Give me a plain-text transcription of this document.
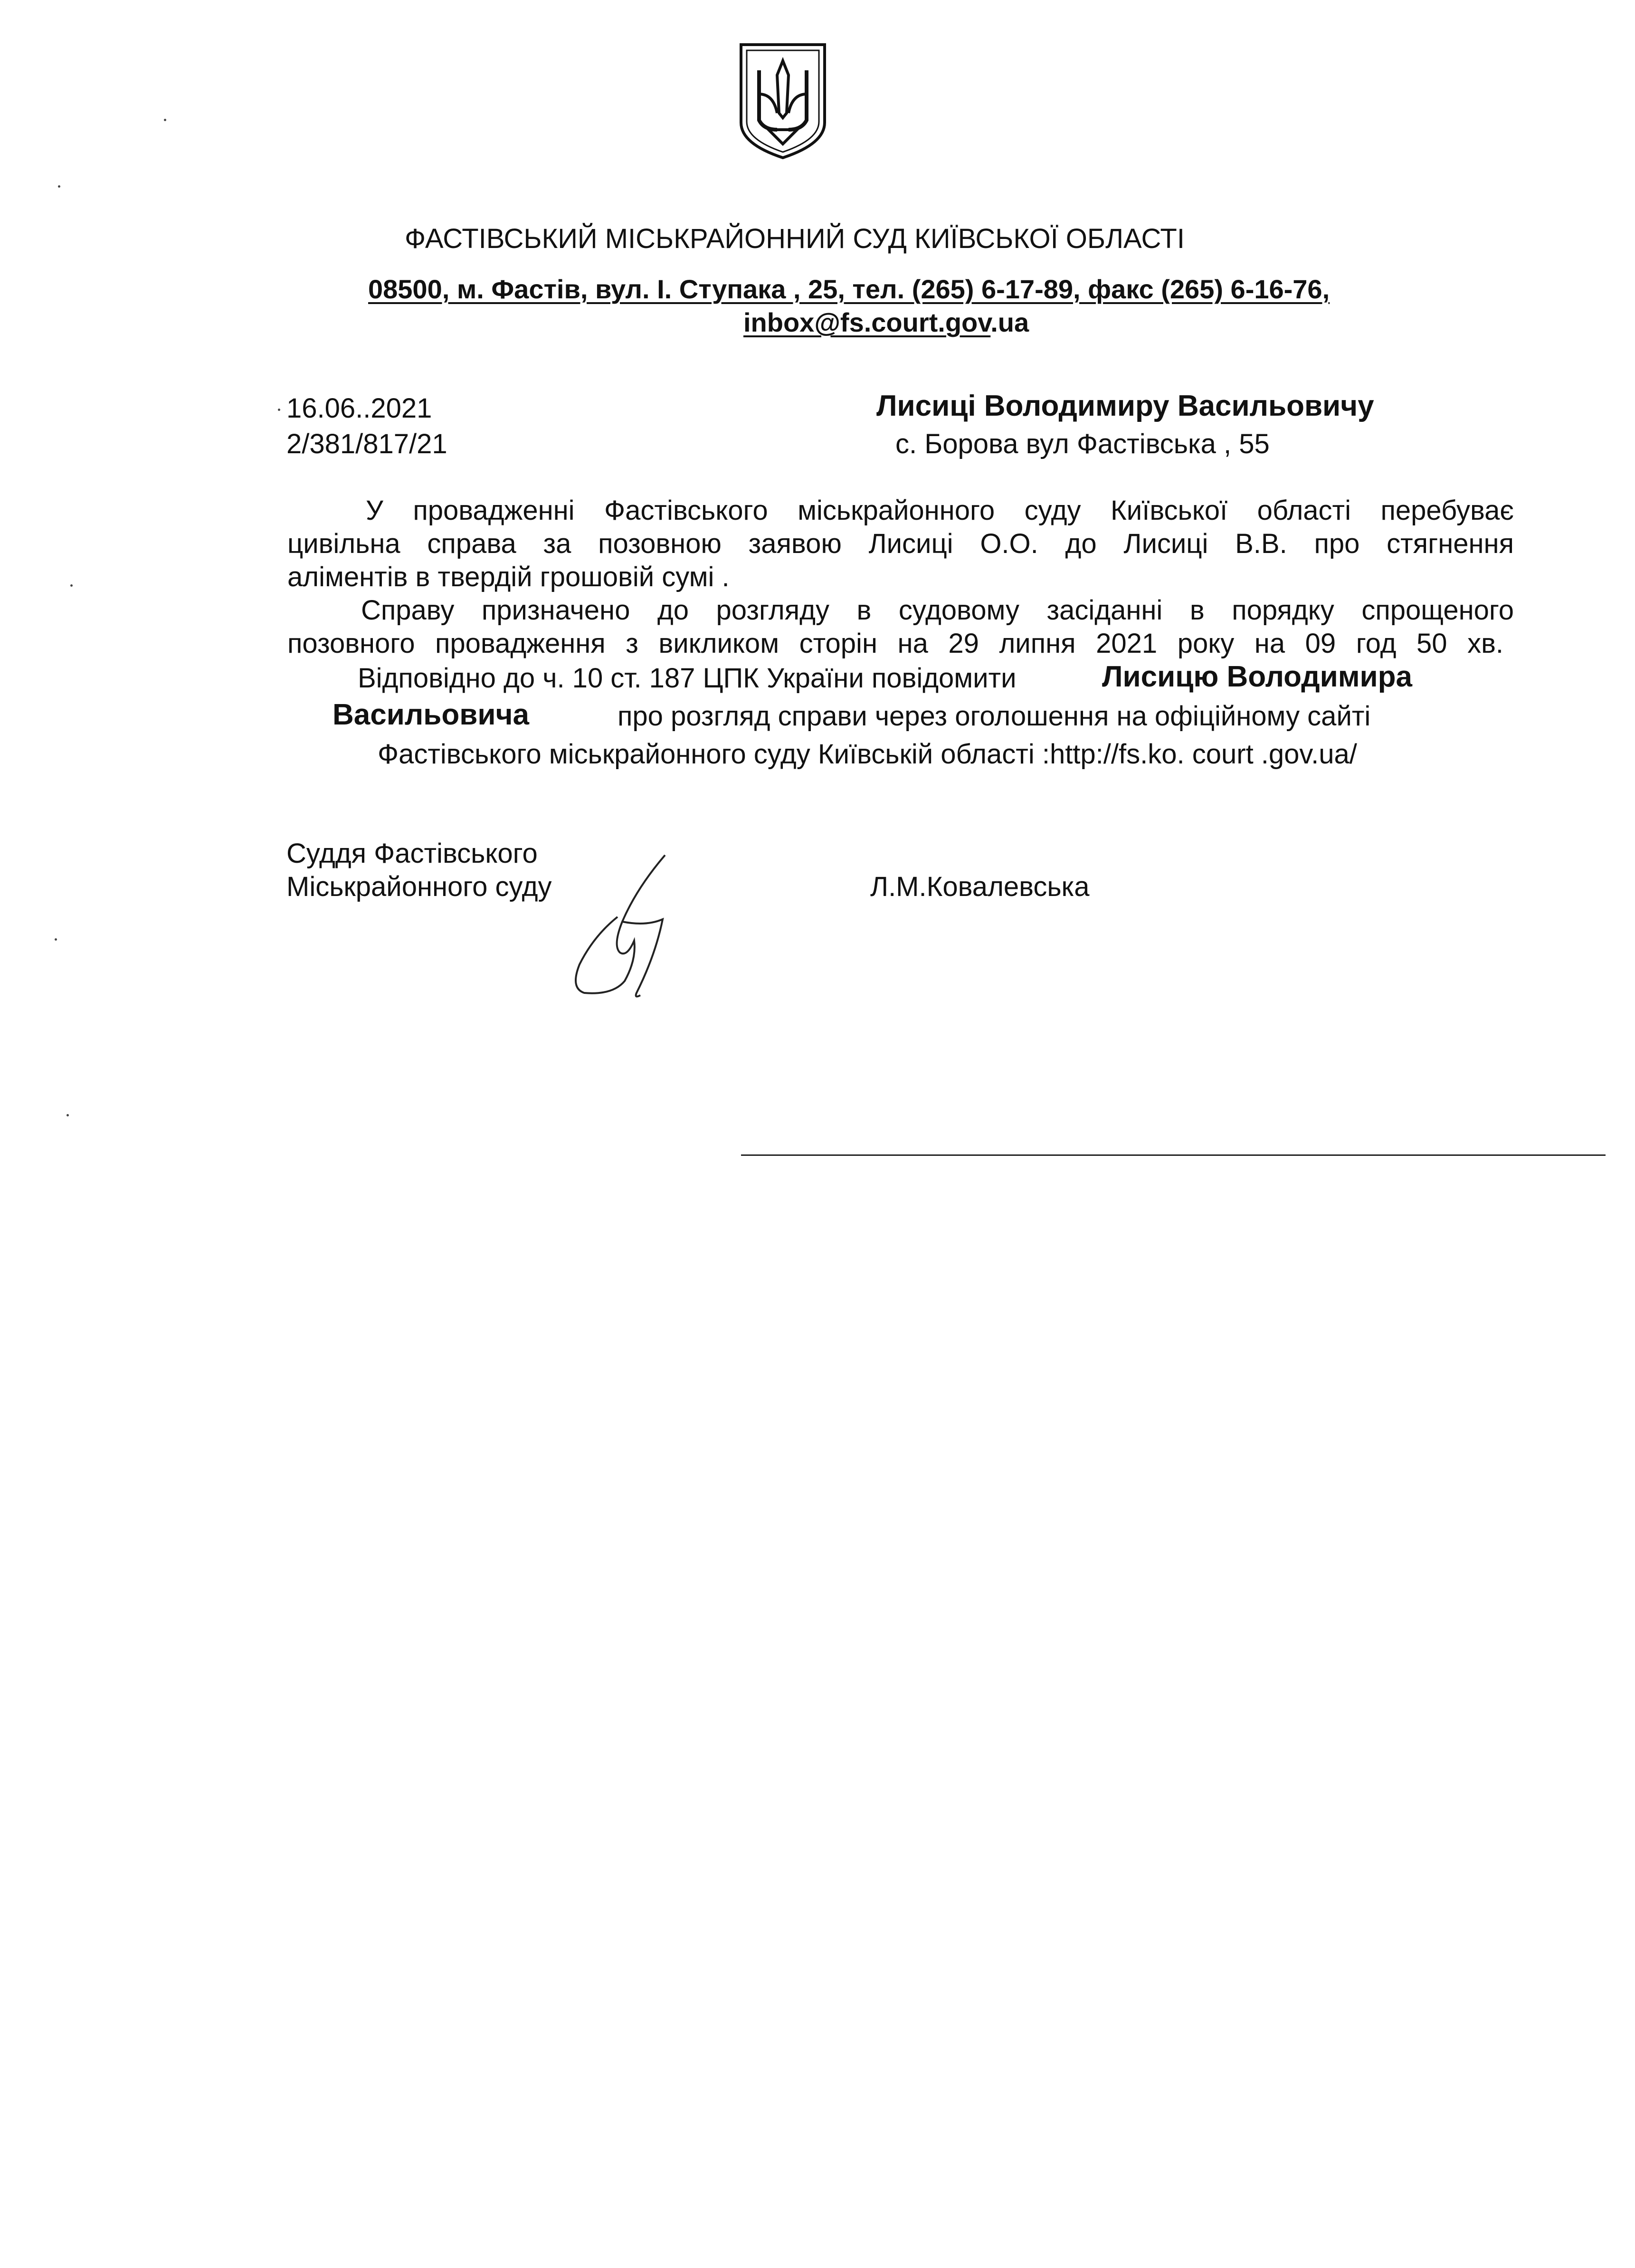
ФАСТІВСЬКИЙ МІСЬКРАЙОННИЙ СУД КИЇВСЬКОЇ ОБЛАСТІ
08500, м. Фастів, вул. І. Ступака , 25, тел. (265) 6-17-89, факс (265) 6-16-76,
inbox@fs.court.gov.ua
16.06..2021
2/381/817/21
Лисиці Володимиру Васильовичу
с. Борова вул Фастівська , 55
У провадженні Фастівського міськрайонного суду Київської області перебуває
цивільна справа за позовною заявою Лисиці О.О. до Лисиці В.В. про стягнення
аліментів в твердій грошовій сумі .
Справу призначено до розгляду в судовому засіданні в порядку спрощеного
позовного провадження з викликом сторін на 29 липня 2021 року на 09 год 50 хв.
Відповідно до ч. 10 ст. 187 ЦПК України повідомити	Лисицю Володимира
Васильовича	про розгляд справи через оголошення на офіційному сайті
Фастівського міськрайонного суду Київській області :http://fs.ko. court .gov.ua/
Суддя Фастівського
Міськрайонного суду	Л.М.Ковалевська
